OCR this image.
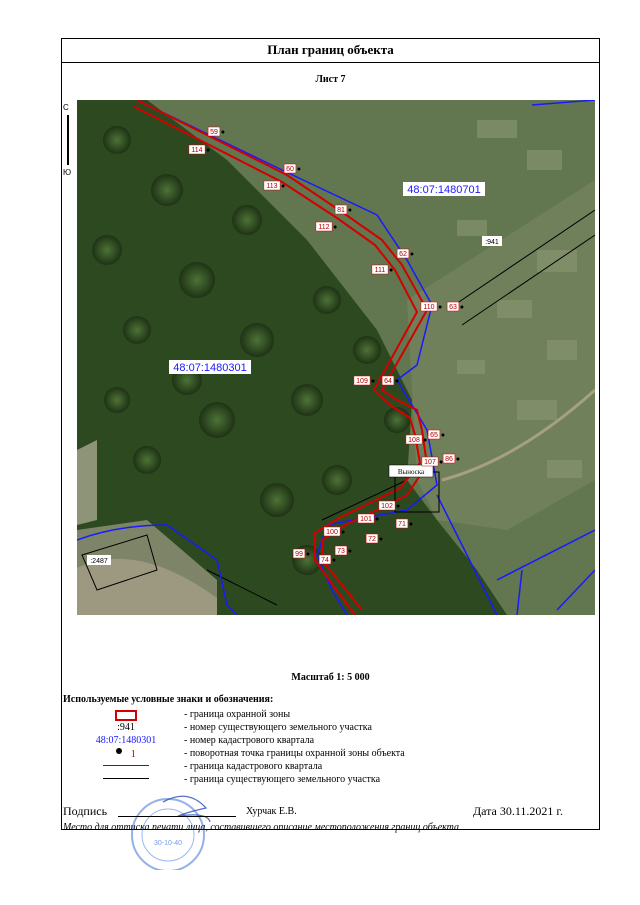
План границ объекта
Лист 7
Выноска
48:07:1480701
48:07:1480301
:941
:2487
59
114
60
113
81
112
62
111
110 63
109 64
65
108
107 86
102
71
101
72
100
73
99
74
С
Ю
Масштаб 1: 5 000
Используемые условные знаки и обозначения:
- граница охранной зоны
:941	- номер существующего земельного участка
48:07:1480301	- номер кадастрового квартала
1	- поворотная точка границы охранной зоны объекта
- граница кадастрового квартала
- граница существующего земельного участка
30-10-40
Подпись	Хурчак Е.В.	Дата 30.11.2021 г.
Место для оттиска печати лица, составившего описание местоположения границ объекта
